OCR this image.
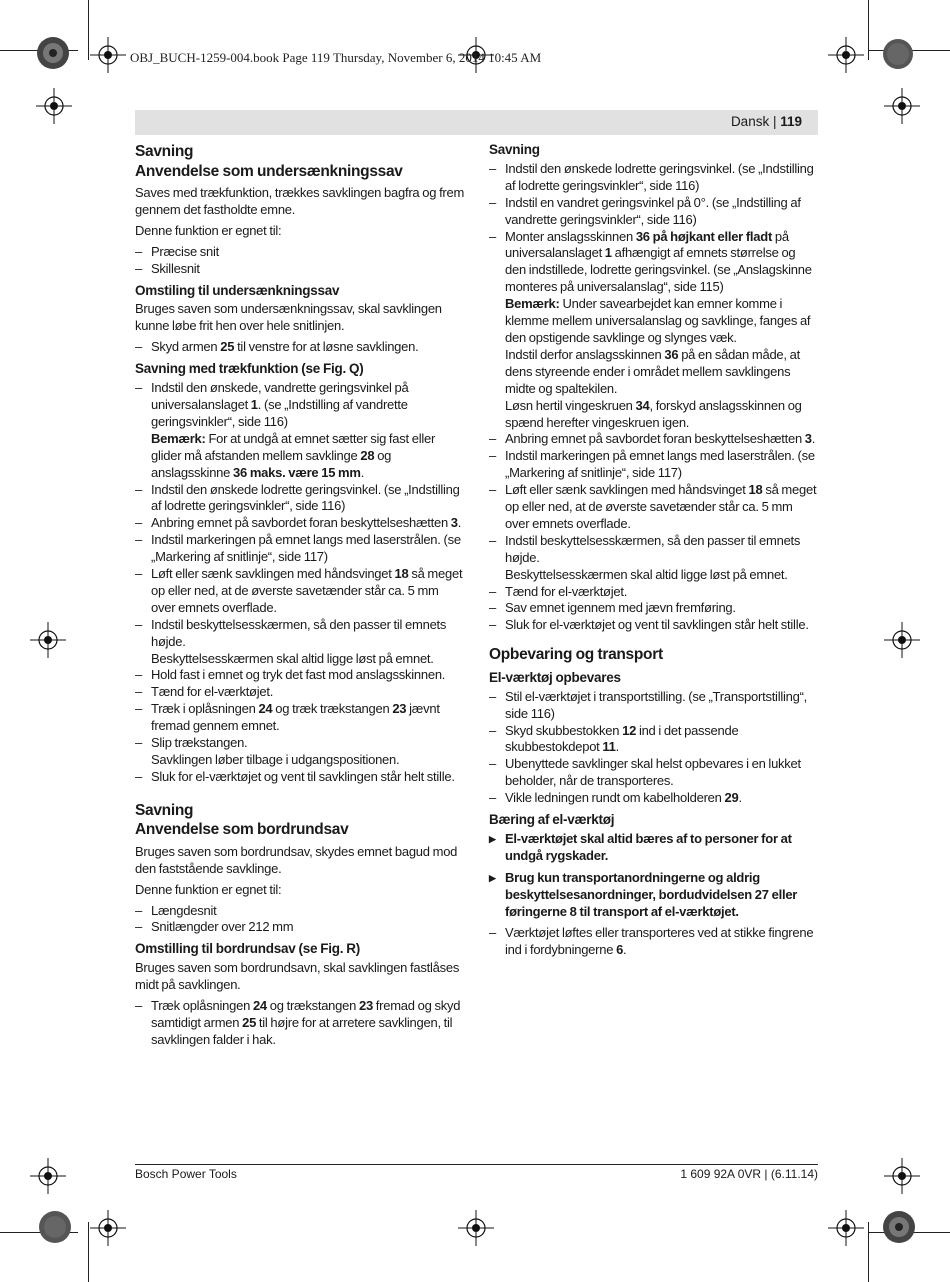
OBJ_BUCH-1259-004.book Page 119 Thursday, November 6, 2014 10:45 AM
Dansk | 119
Savning
Anvendelse som undersænkningssav

Saves med trækfunktion, trækkes savklingen bagfra og frem gennem det fastholdte emne.

Denne funktion er egnet til:

– Præcise snit
– Skillesnit
Omstiling til undersænkningssav

Bruges saven som undersænkningssav, skal savklingen kunne løbe frit hen over hele snitlinjen.

– Skyd armen 25 til venstre for at løsne savklingen.
Savning med trækfunktion (se Fig. Q)
– Indstil den ønskede, vandrette geringsvinkel på universalanslaget 1. (se „Indstilling af vandrette geringsvinkler“, side 116)
Bemærk: For at undgå at emnet sætter sig fast eller glider må afstanden mellem savklinge 28 og anslagsskinne 36 maks. være 15 mm.
– Indstil den ønskede lodrette geringsvinkel. (se „Indstilling af lodrette geringsvinkler“, side 116)
– Anbring emnet på savbordet foran beskyttelseshætten 3.
– Indstil markeringen på emnet langs med laserstrålen. (se „Markering af snitlinje“, side 117)
– Løft eller sænk savklingen med håndsvinget 18 så meget op eller ned, at de øverste savetænder står ca. 5 mm over emnets overflade.
– Indstil beskyttelsesskærmen, så den passer til emnets højde.
Beskyttelsesskærmen skal altid ligge løst på emnet.
– Hold fast i emnet og tryk det fast mod anslagsskinnen.
– Tænd for el-værktøjet.
– Træk i oplåsningen 24 og træk trækstangen 23 jævnt fremad gennem emnet.
– Slip trækstangen.
Savklingen løber tilbage i udgangspositionen.
– Sluk for el-værktøjet og vent til savklingen står helt stille.
Savning
Anvendelse som bordrundsav

Bruges saven som bordrundsav, skydes emnet bagud mod den faststående savklinge.

Denne funktion er egnet til:

– Længdesnit
– Snitlængder over 212 mm
Omstilling til bordrundsav (se Fig. R)

Bruges saven som bordrundsavn, skal savklingen fastlåses midt på savklingen.

– Træk oplåsningen 24 og trækstangen 23 fremad og skyd samtidigt armen 25 til højre for at arretere savklingen, til savklingen falder i hak.
Savning
– Indstil den ønskede lodrette geringsvinkel. (se „Indstilling af lodrette geringsvinkler“, side 116)
– Indstil en vandret geringsvinkel på 0°. (se „Indstilling af vandrette geringsvinkler“, side 116)
– Monter anslagsskinnen 36 på højkant eller fladt på universalanslaget 1 afhængigt af emnets størrelse og den indstillede, lodrette geringsvinkel. (se „Anslagskinne monteres på universalanslag“, side 115)
Bemærk: Under savearbejdet kan emner komme i klemme mellem universalanslag og savklinge, fanges af den opstigende savklinge og slynges væk.
Indstil derfor anslagsskinnen 36 på en sådan måde, at dens styreende ender i området mellem savklingens midte og spaltekilen.
Løsn hertil vingeskruen 34, forskyd anslagsskinnen og spænd herefter vingeskruen igen.
– Anbring emnet på savbordet foran beskyttelseshætten 3.
– Indstil markeringen på emnet langs med laserstrålen. (se „Markering af snitlinje“, side 117)
– Løft eller sænk savklingen med håndsvinget 18 så meget op eller ned, at de øverste savetænder står ca. 5 mm over emnets overflade.
– Indstil beskyttelsesskærmen, så den passer til emnets højde.
Beskyttelsesskærmen skal altid ligge løst på emnet.
– Tænd for el-værktøjet.
– Sav emnet igennem med jævn fremføring.
– Sluk for el-værktøjet og vent til savklingen står helt stille.
Opbevaring og transport
El-værktøj opbevares
– Stil el-værktøjet i transportstilling. (se „Transportstilling“, side 116)
– Skyd skubbestokken 12 ind i det passende skubbestokdepot 11.
– Ubenyttede savklinger skal helst opbevares i en lukket beholder, når de transporteres.
– Vikle ledningen rundt om kabelholderen 29.
Bæring af el-værktøj
▶ El-værktøjet skal altid bæres af to personer for at undgå rygskader.
▶ Brug kun transportanordningerne og aldrig beskyttelsesanordninger, bordudvidelsen 27 eller føringerne 8 til transport af el-værktøjet.
– Værktøjet løftes eller transporteres ved at stikke fingrene ind i fordybningerne 6.
Bosch Power Tools	1 609 92A 0VR | (6.11.14)
